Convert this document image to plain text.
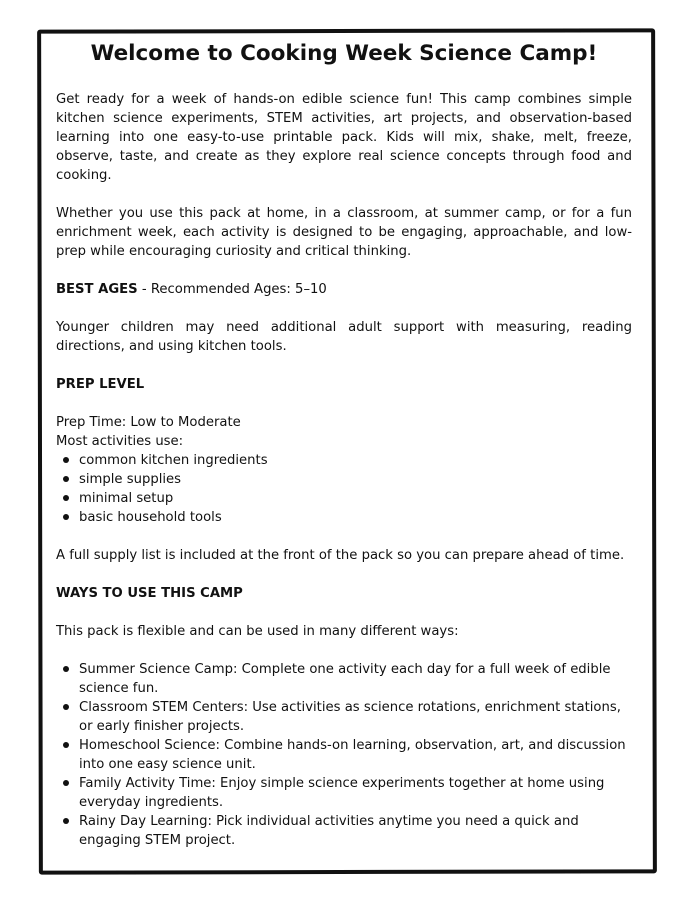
Welcome to Cooking Week Science Camp!

Get ready for a week of hands-on edible science fun! This camp combines simple kitchen science experiments, STEM activities, art projects, and observation-based learning into one easy-to-use printable pack. Kids will mix, shake, melt, freeze, observe, taste, and create as they explore real science concepts through food and cooking.

Whether you use this pack at home, in a classroom, at summer camp, or for a fun enrichment week, each activity is designed to be engaging, approachable, and low-prep while encouraging curiosity and critical thinking.

BEST AGES - Recommended Ages: 5–10

Younger children may need additional adult support with measuring, reading directions, and using kitchen tools.

PREP LEVEL

Prep Time: Low to Moderate

Most activities use:

common kitchen ingredients
simple supplies
minimal setup
basic household tools

A full supply list is included at the front of the pack so you can prepare ahead of time.

WAYS TO USE THIS CAMP

This pack is flexible and can be used in many different ways:

Summer Science Camp: Complete one activity each day for a full week of edible science fun.
Classroom STEM Centers: Use activities as science rotations, enrichment stations, or early finisher projects.
Homeschool Science: Combine hands-on learning, observation, art, and discussion into one easy science unit.
Family Activity Time: Enjoy simple science experiments together at home using everyday ingredients.
Rainy Day Learning: Pick individual activities anytime you need a quick and engaging STEM project.
